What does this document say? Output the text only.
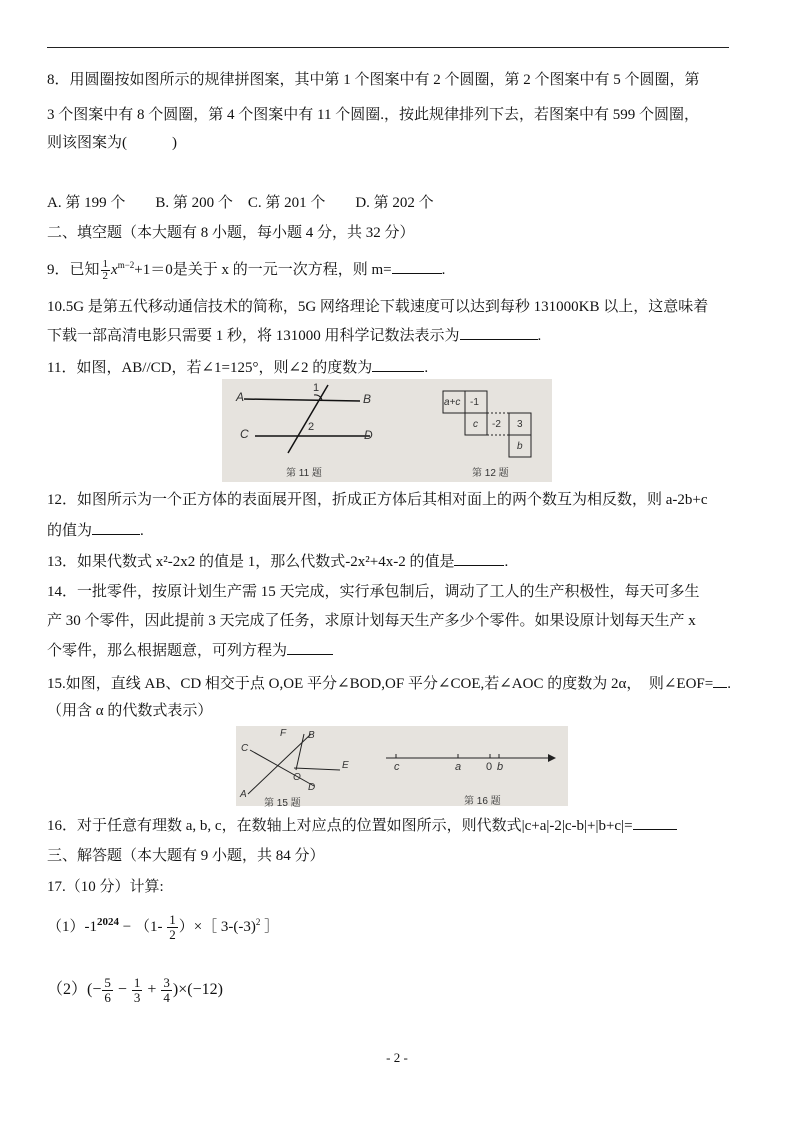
8．用圆圈按如图所示的规律拼图案，其中第 1 个图案中有 2 个圆圈，第 2 个图案中有 5 个圆圈，第
3 个图案中有 8 个圆圈，第 4 个图案中有 11 个圆圈.，按此规律排列下去，若图案中有 599 个圆圈，
则该图案为(　　　)
A. 第 199 个　　B. 第 200 个　C. 第 201 个　　D. 第 202 个
二、填空题（本大题有 8 小题，每小题 4 分，共 32 分）
9．已知 $\frac{1}{2} x^{m-2}+1=0$是关于 x 的一元一次方程，则 m=	.
10.5G 是第五代移动通信技术的简称，5G 网络理论下载速度可以达到每秒 131000KB 以上，这意味着
下载一部高清电影只需要 1 秒，将 131000 用科学记数法表示为	.
11．如图，AB//CD，若∠1=125°，则∠2 的度数为	.
A	B
C	D
1
2
第 11 题
a+c -1
c -2 3
b
第 12 题
12．如图所示为一个正方体的表面展开图，折成正方体后其相对面上的两个数互为相反数，则 a-2b+c
的值为	.
13．如果代数式 x²-2x2 的值是 1，那么代数式-2x²+4x-2 的值是	.
14．一批零件，按原计划生产需 15 天完成，实行承包制后，调动了工人的生产积极性，每天可多生
产 30 个零件，因此提前 3 天完成了任务，求原计划每天生产多少个零件。如果设原计划每天生产 x
个零件，那么根据题意，可列方程为
15.如图，直线 AB、CD 相交于点 O,OE 平分∠BOD,OF 平分∠COE,若∠AOC 的度数为 2α，　则∠EOF= .
（用含 α 的代数式表示）
C
F B
E
O
A
D
第 15 题
c	a 0 b
第 16 题
16．对于任意有理数 a, b, c，在数轴上对应点的位置如图所示，则代数式|c+a|-2|c-b|+|b+c|=
三、解答题（本大题有 9 小题，共 84 分）
17.（10 分）计算:
$(1)-1^{2024} - (1- \frac{1}{2}$ ）×［ $3-(-3)^2$ ］
$(2)(- \frac{5}{6} - \frac{1}{3} + \frac{3}{4} )\times(-12)$
- 2 -
